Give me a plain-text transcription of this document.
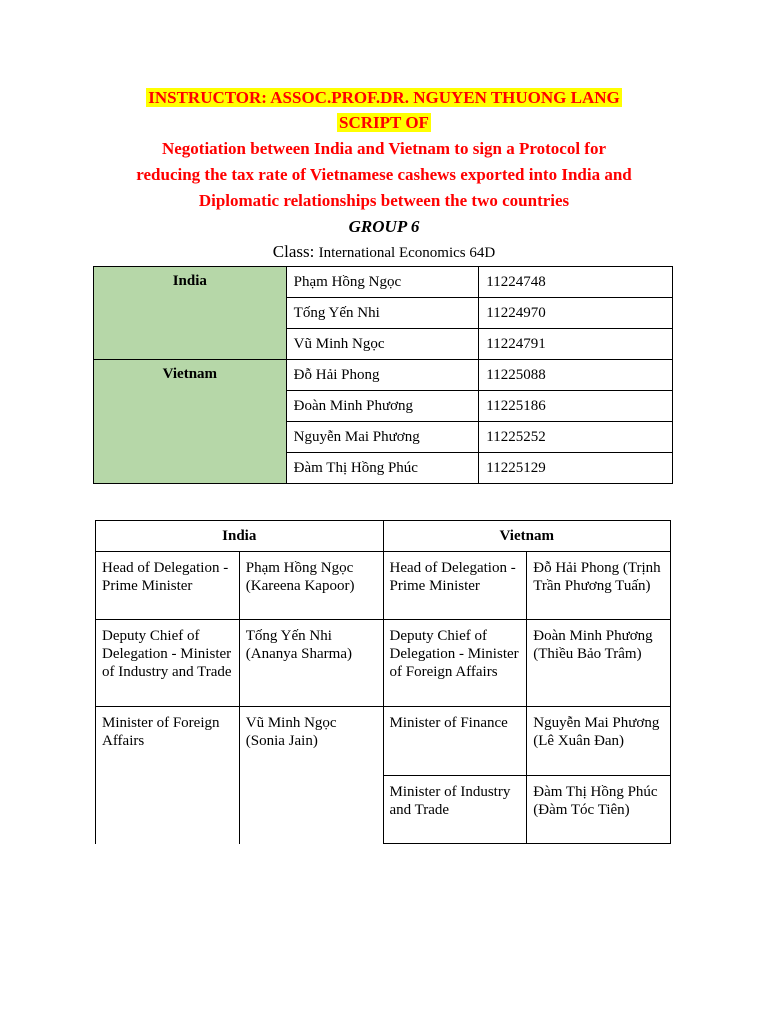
INSTRUCTOR: ASSOC.PROF.DR. NGUYEN THUONG LANG
SCRIPT OF
Negotiation between India and Vietnam to sign a Protocol for
reducing the tax rate of Vietnamese cashews exported into India and
Diplomatic relationships between the two countries
GROUP 6
Class: International Economics 64D
India	Phạm Hồng Ngọc	11224748
	Tống Yến Nhi	11224970
	Vũ Minh Ngọc	11224791
Vietnam	Đỗ Hải Phong	11225088
	Đoàn Minh Phương	11225186
	Nguyễn Mai Phương	11225252
	Đàm Thị Hồng Phúc	11225129
India		Vietnam	
Head of Delegation - Prime Minister	Phạm Hồng Ngọc (Kareena Kapoor)	Head of Delegation - Prime Minister	Đỗ Hải Phong (Trịnh Trần Phương Tuấn)
Deputy Chief of Delegation - Minister of Industry and Trade	Tống Yến Nhi (Ananya Sharma)	Deputy Chief of Delegation - Minister of Foreign Affairs	Đoàn Minh Phương (Thiều Bảo Trâm)
Minister of Foreign Affairs	Vũ Minh Ngọc (Sonia Jain)	Minister of Finance	Nguyễn Mai Phương (Lê Xuân Đan)
		Minister of Industry and Trade	Đàm Thị Hồng Phúc (Đàm Tóc Tiên)
